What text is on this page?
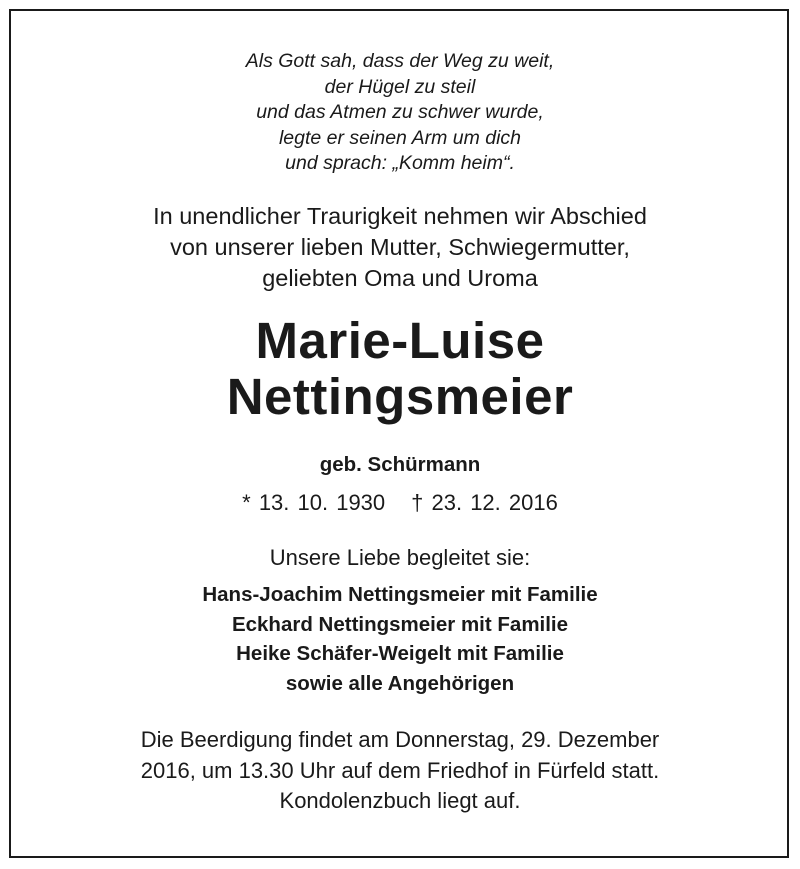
Als Gott sah, dass der Weg zu weit,
der Hügel zu steil
und das Atmen zu schwer wurde,
legte er seinen Arm um dich
und sprach: „Komm heim“.
In unendlicher Traurigkeit nehmen wir Abschied
von unserer lieben Mutter, Schwiegermutter,
geliebten Oma und Uroma
Marie-Luise
Nettingsmeier
geb. Schürmann
* 13. 10. 1930 † 23. 12. 2016
Unsere Liebe begleitet sie:
Hans-Joachim Nettingsmeier mit Familie
Eckhard Nettingsmeier mit Familie
Heike Schäfer-Weigelt mit Familie
sowie alle Angehörigen
Die Beerdigung findet am Donnerstag, 29. Dezember
2016, um 13.30 Uhr auf dem Friedhof in Fürfeld statt.
Kondolenzbuch liegt auf.
